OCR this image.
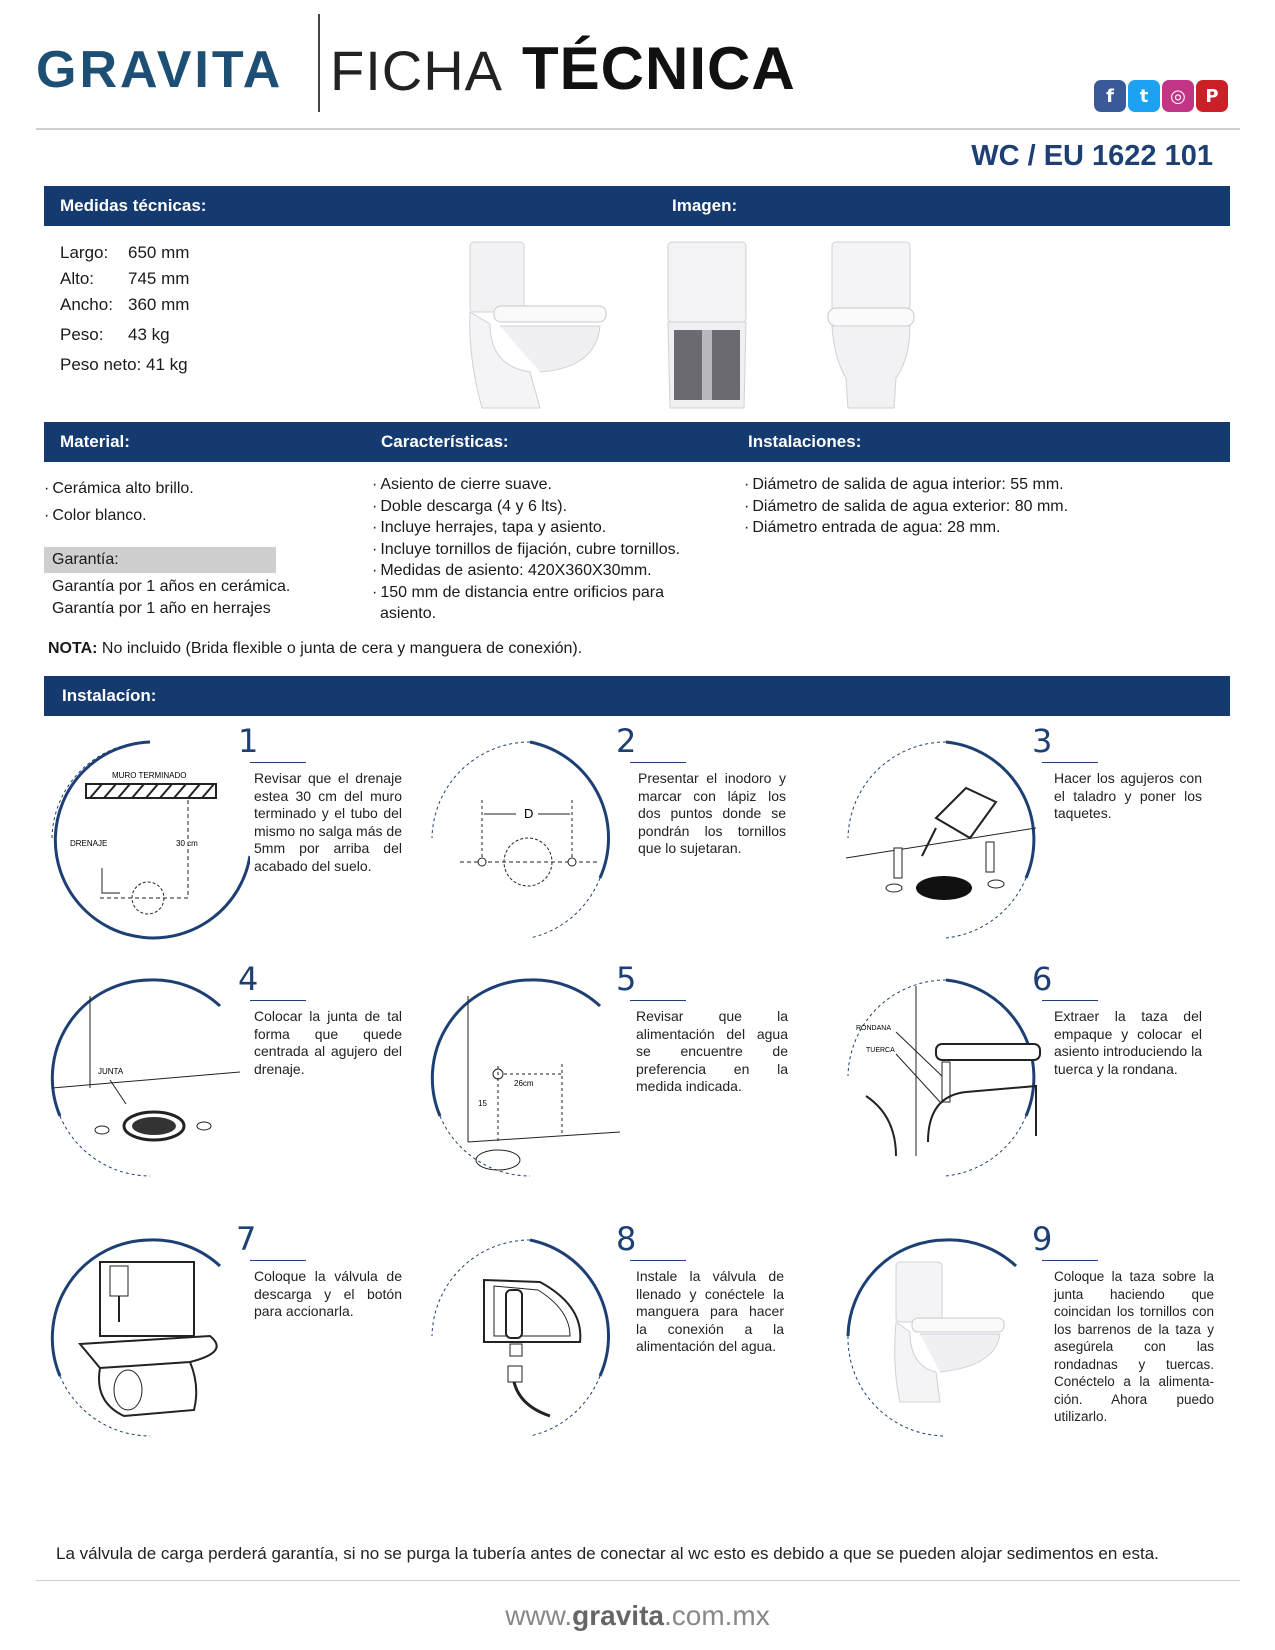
GRAVITA FICHA TÉCNICA	f	t	◎	P
WC / EU 1622 101
Medidas técnicas:	Imagen:
Largo:	650 mm
Alto:	745 mm
Ancho:	360 mm
Peso:	43 kg
Peso neto: 41 kg	
Material:	Características:	Instalaciones:
· Cerámica alto brillo.
· Color blanco.
Garantía:
Garantía por 1 años en cerámica.
Garantía por 1 año en herrajes
· Asiento de cierre suave.
· Doble descarga (4 y 6 lts).
· Incluye herrajes, tapa y asiento.
· Incluye tornillos de fijación, cubre tornillos.
· Medidas de asiento: 420X360X30mm.
· 150 mm de distancia entre orificios para asiento.
· Diámetro de salida de agua interior: 55 mm.
· Diámetro de salida de agua exterior: 80 mm.
· Diámetro entrada de agua: 28 mm.
NOTA: No incluido (Brida flexible o junta de cera y manguera de conexión).
Instalacíon:
MURO TERMINADO
DRENAJE	30 cm
1
Revisar que el drenaje estea 30 cm del muro terminado y el tubo del mismo no salga más de 5mm por arriba del acabado del suelo.
D
2
Presentar el inodoro y marcar con lápiz los dos puntos donde se pondrán los tornillos que lo sujetaran.
3
Hacer los agujeros con el taladro y poner los taquetes.
JUNTA
4
Colocar la junta de tal forma que quede centrada al agujero del drenaje.
26cm
15
5
Revisar que la alimentación del agua se encuentre de preferencia en la medida indicada.
RONDANA
TUERCA
6
Extraer la taza del empaque y colocar el asiento introduciendo la tuerca y la rondana.
7
Coloque la válvula de descarga y el botón para accionarla.
8
Instale la válvula de llenado y conéctele la manguera para hacer la conexión a la alimentación del agua.
9
Coloque la taza sobre la junta haciendo que coincidan los tornillos con los barrenos de la taza y asegúrela con las rondadnas y tuercas. Conéctelo a la alimenta- ción. Ahora puedo utilizarlo.
La válvula de carga perderá garantía, si no se purga la tubería antes de conectar al wc esto es debido a que se pueden alojar sedimentos en esta.
www.gravita.com.mx
